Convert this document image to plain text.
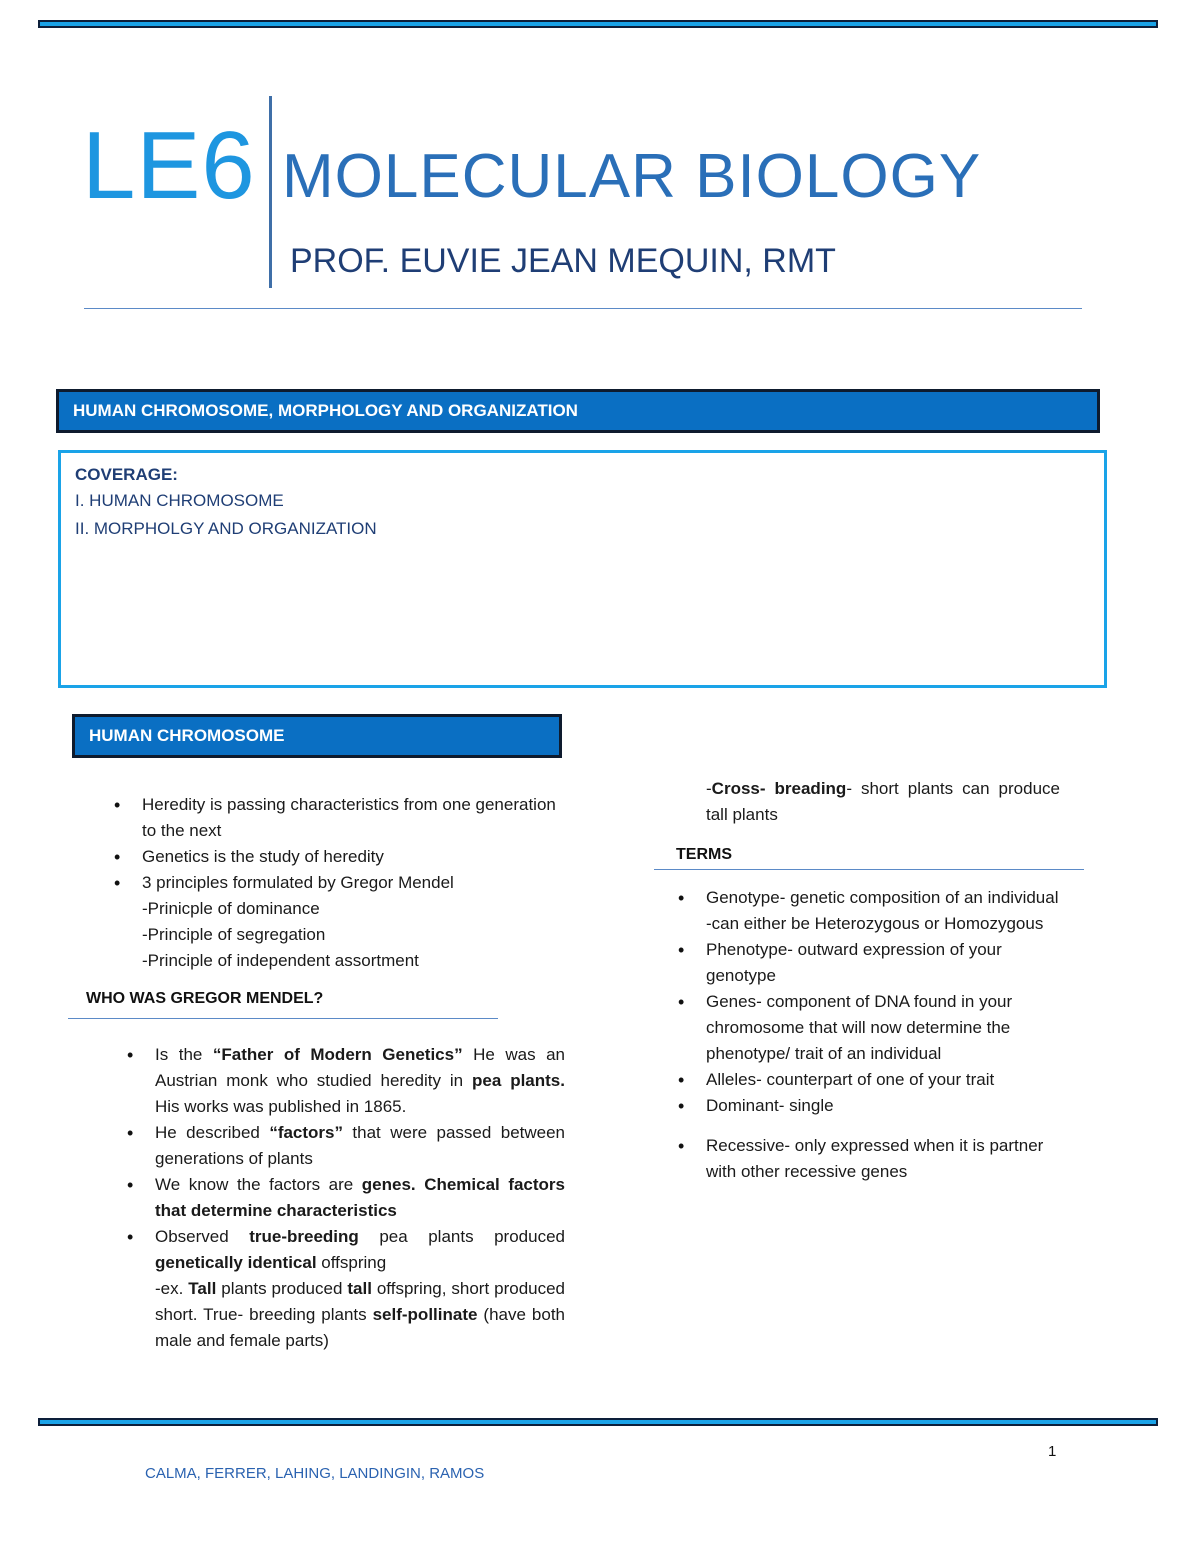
LE6 MOLECULAR BIOLOGY
PROF. EUVIE JEAN MEQUIN, RMT
HUMAN CHROMOSOME, MORPHOLOGY AND ORGANIZATION
COVERAGE:
I. HUMAN CHROMOSOME
II. MORPHOLGY AND ORGANIZATION
HUMAN CHROMOSOME
• Heredity is passing characteristics from one generation to the next
• Genetics is the study of heredity
• 3 principles formulated by Gregor Mendel
-Prinicple of dominance
-Principle of segregation
-Principle of independent assortment
WHO WAS GREGOR MENDEL?
• Is the “Father of Modern Genetics” He was an Austrian monk who studied heredity in pea plants. His works was published in 1865.
• He described “factors” that were passed between generations of plants
• We know the factors are genes. Chemical factors that determine characteristics
• Observed true-breeding pea plants produced genetically identical offspring
-ex. Tall plants produced tall offspring, short produced short. True- breeding plants self-pollinate (have both male and female parts)
-Cross- breading- short plants can produce tall plants
TERMS
• Genotype- genetic composition of an individual
-can either be Heterozygous or Homozygous
• Phenotype- outward expression of your genotype
• Genes- component of DNA found in your chromosome that will now determine the phenotype/ trait of an individual
• Alleles- counterpart of one of your trait
• Dominant- single
• Recessive- only expressed when it is partner with other recessive genes
1
CALMA, FERRER, LAHING, LANDINGIN, RAMOS
